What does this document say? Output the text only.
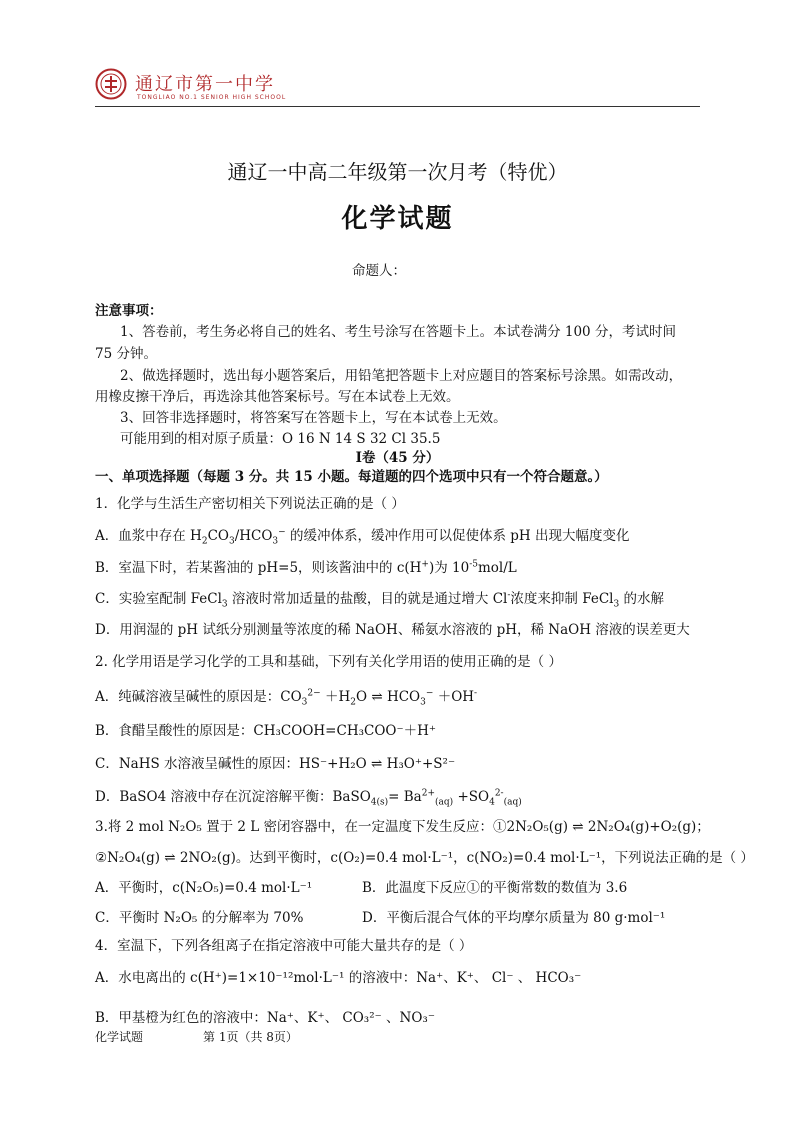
通辽市第一中学
TONGLIAO NO.1 SENIOR HIGH SCHOOL
通辽一中高二年级第一次月考（特优）
化学试题
命题人：
注意事项：
1、答卷前，考生务必将自己的姓名、考生号涂写在答题卡上。本试卷满分 100 分，考试时间
75 分钟。
2、做选择题时，选出每小题答案后，用铅笔把答题卡上对应题目的答案标号涂黑。如需改动，
用橡皮擦干净后，再选涂其他答案标号。写在本试卷上无效。
3、回答非选择题时，将答案写在答题卡上，写在本试卷上无效。
可能用到的相对原子质量：O 16 N 14 S 32 Cl 35.5
I卷（45 分）
一、单项选择题（每题 3 分。共 15 小题。每道题的四个选项中只有一个符合题意。）
1．化学与生活生产密切相关下列说法正确的是（ ）
A．血浆中存在 $H_2CO_3/HCO_3^-$ 的缓冲体系，缓冲作用可以促使体系 pH 出现大幅度变化
B．室温下时，若某酱油的 pH=5，则该酱油中的 c(H+)为 $10^{-5}mol/L$
C．实验室配制 FeCl$_3$ 溶液时常加适量的盐酸，目的就是通过增大 Cl-浓度来抑制 FeCl$_3$ 的水解
D．用润湿的 pH 试纸分别测量等浓度的稀 NaOH、稀氨水溶液的 pH，稀 NaOH 溶液的误差更大
2. 化学用语是学习化学的工具和基础，下列有关化学用语的使用正确的是（ ）
A．纯碱溶液呈碱性的原因是：$CO_3^{2-} +H_2O$ ⇌ $HCO_3^- +OH^-$
B．食醋呈酸性的原因是：CH₃COOH=CH₃COO⁻＋H⁺
C．NaHS 水溶液呈碱性的原因：HS⁻+H₂O ⇌ H₃O⁺+S²⁻
D．BaSO4 溶液中存在沉淀溶解平衡：BaSO$_{4(s)}$= $Ba^{2+}_{(aq)} +SO_4^{2-}_{(aq)}$
3.将 2 mol N₂O₅ 置于 2 L 密闭容器中，在一定温度下发生反应：①2N₂O₅(g) ⇌ 2N₂O₄(g)+O₂(g)；
②N₂O₄(g) ⇌ 2NO₂(g)。达到平衡时，c(O₂)=0.4 mol·L⁻¹，c(NO₂)=0.4 mol·L⁻¹，下列说法正确的是（ ）
A．平衡时，c(N₂O₅)=0.4 mol·L⁻¹	B．此温度下反应①的平衡常数的数值为 3.6
C．平衡时 N₂O₅ 的分解率为 70%	D．平衡后混合气体的平均摩尔质量为 80 g·mol⁻¹
4．室温下，下列各组离子在指定溶液中可能大量共存的是（ ）
A．水电离出的 c(H⁺)=1×10⁻¹²mol·L⁻¹ 的溶液中：Na⁺、K⁺、 Cl⁻ 、 HCO₃⁻
B．甲基橙为红色的溶液中：Na⁺、K⁺、 CO₃²⁻ 、NO₃⁻
化学试题	第 1页（共 8页）
